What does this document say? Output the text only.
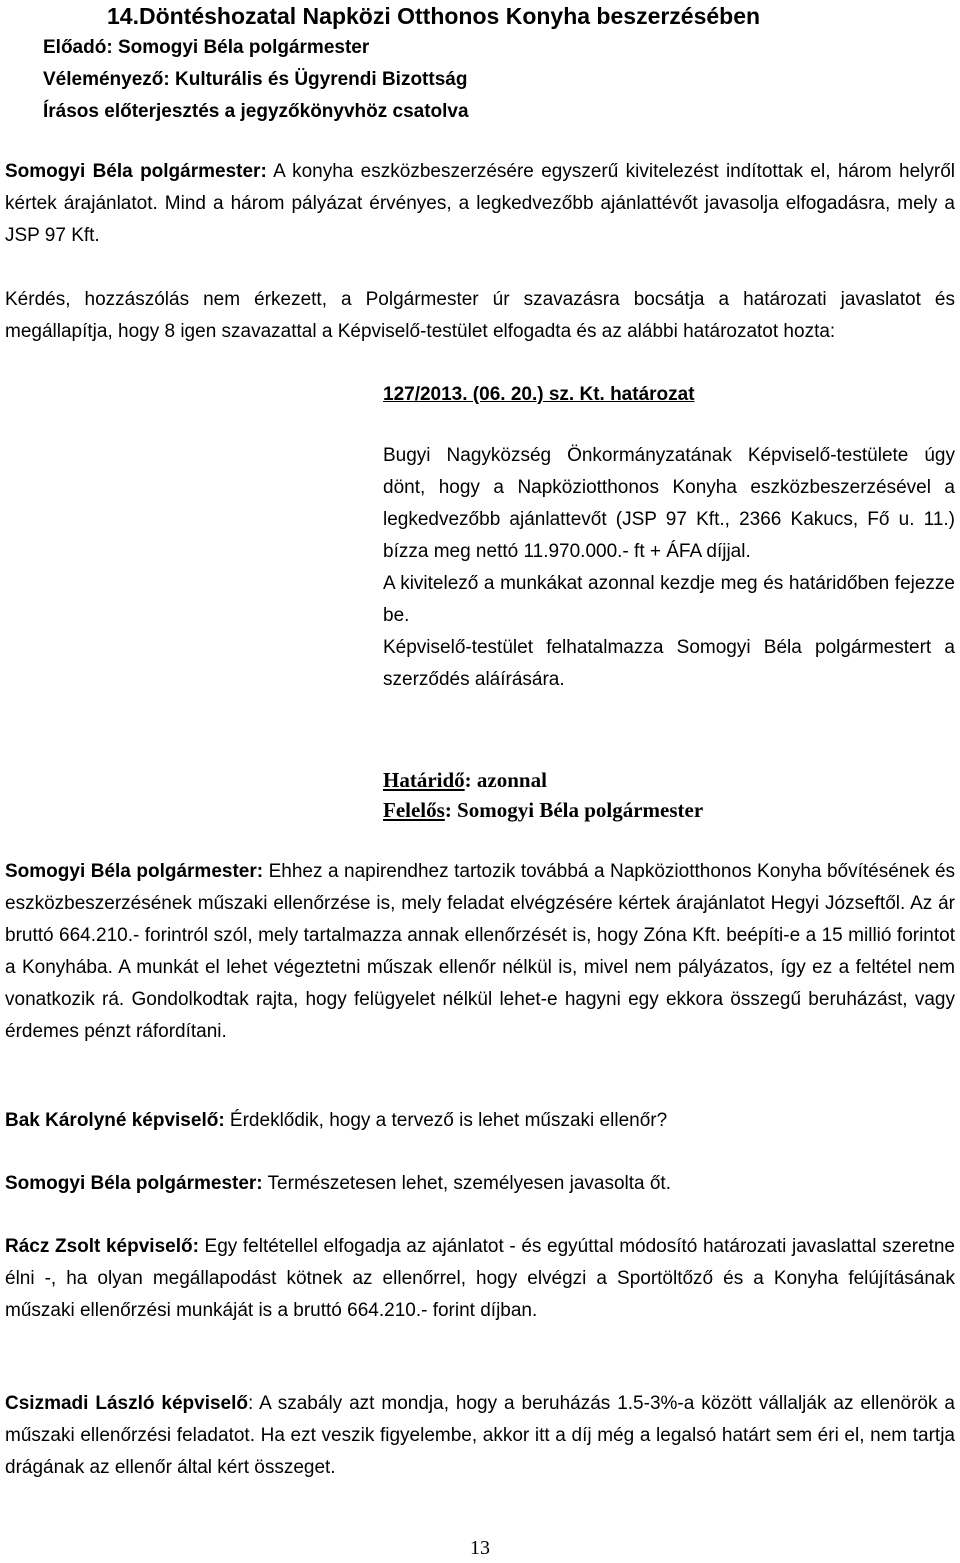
14.Döntéshozatal Napközi Otthonos Konyha beszerzésében
Előadó: Somogyi Béla polgármester
Véleményező: Kulturális és Ügyrendi Bizottság
Írásos előterjesztés a jegyzőkönyvhöz csatolva
Somogyi Béla polgármester: A konyha eszközbeszerzésére egyszerű kivitelezést indítottak el, három helyről kértek árajánlatot. Mind a három pályázat érvényes, a legkedvezőbb ajánlattévőt javasolja elfogadásra, mely a JSP 97 Kft.
Kérdés, hozzászólás nem érkezett, a Polgármester úr szavazásra bocsátja a határozati javaslatot és megállapítja, hogy 8 igen szavazattal a Képviselő-testület elfogadta és az alábbi határozatot hozta:
127/2013. (06. 20.) sz. Kt. határozat

Bugyi Nagyközség Önkormányzatának Képviselő-testülete úgy dönt, hogy a Napköziotthonos Konyha eszközbeszerzésével a legkedvezőbb ajánlattevőt (JSP 97 Kft., 2366 Kakucs, Fő u. 11.) bízza meg nettó 11.970.000.- ft + ÁFA díjjal.

A kivitelező a munkákat azonnal kezdje meg és határidőben fejezze be.

Képviselő-testület felhatalmazza Somogyi Béla polgármestert a szerződés aláírására.

Határidő: azonnal
Felelős: Somogyi Béla polgármester
Somogyi Béla polgármester: Ehhez a napirendhez tartozik továbbá a Napköziotthonos Konyha bővítésének és eszközbeszerzésének műszaki ellenőrzése is, mely feladat elvégzésére kértek árajánlatot Hegyi Józseftől. Az ár bruttó 664.210.- forintról szól, mely tartalmazza annak ellenőrzését is, hogy Zóna Kft. beépíti-e a 15 millió forintot a Konyhába. A munkát el lehet végeztetni műszak ellenőr nélkül is, mivel nem pályázatos, így ez a feltétel nem vonatkozik rá. Gondolkodtak rajta, hogy felügyelet nélkül lehet-e hagyni egy ekkora összegű beruházást, vagy érdemes pénzt ráfordítani.
Bak Károlyné képviselő: Érdeklődik, hogy a tervező is lehet műszaki ellenőr?
Somogyi Béla polgármester: Természetesen lehet, személyesen javasolta őt.
Rácz Zsolt képviselő: Egy feltétellel elfogadja az ajánlatot - és egyúttal módosító határozati javaslattal szeretne élni -, ha olyan megállapodást kötnek az ellenőrrel, hogy elvégzi a Sportöltőző és a Konyha felújításának műszaki ellenőrzési munkáját is a bruttó 664.210.- forint díjban.
Csizmadi László képviselő: A szabály azt mondja, hogy a beruházás 1.5-3%-a között vállalják az ellenörök a műszaki ellenőrzési feladatot. Ha ezt veszik figyelembe, akkor itt a díj még a legalsó határt sem éri el, nem tartja drágának az ellenőr által kért összeget.
13
